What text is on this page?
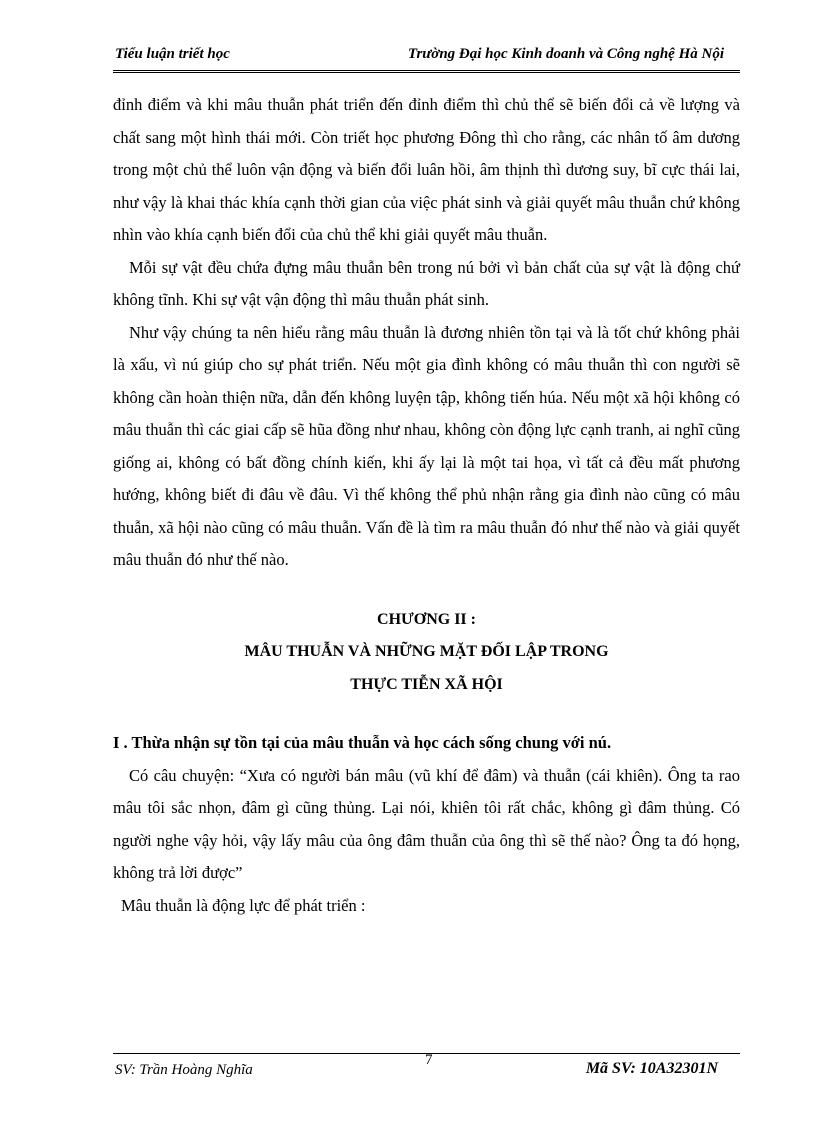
Tiểu luận triết học	Trường Đại học Kinh doanh và Công nghệ Hà Nội

đỉnh điểm và khi mâu thuẫn phát triển đến đỉnh điểm thì chủ thể sẽ biến đổi cả về lượng và chất sang một hình thái mới. Còn triết học phương Đông thì cho rằng, các nhân tố âm dương trong một chủ thể luôn vận động và biến đổi luân hồi, âm thịnh thì dương suy, bĩ cực thái lai, như vậy là khai thác khía cạnh thời gian của việc phát sinh và giải quyết mâu thuẫn chứ không nhìn vào khía cạnh biến đổi của chủ thể khi giải quyết mâu thuẫn.

Mỗi sự vật đều chứa đựng mâu thuẫn bên trong nú bởi vì bản chất của sự vật là động chứ không tĩnh. Khi sự vật vận động thì mâu thuẫn phát sinh.

Như vậy chúng ta nên hiểu rằng mâu thuẫn là đương nhiên tồn tại và là tốt chứ không phải là xấu, vì nú giúp cho sự phát triển. Nếu một gia đình không có mâu thuẫn thì con người sẽ không cần hoàn thiện nữa, dẫn đến không luyện tập, không tiến húa. Nếu một xã hội không có mâu thuẫn thì các giai cấp sẽ hũa đồng như nhau, không còn động lực cạnh tranh, ai nghĩ cũng giống ai, không có bất đồng chính kiến, khi ấy lại là một tai họa, vì tất cả đều mất phương hướng, không biết đi đâu về đâu. Vì thế không thể phủ nhận rằng gia đình nào cũng có mâu thuẫn, xã hội nào cũng có mâu thuẫn. Vấn đề là tìm ra mâu thuẫn đó như thế nào và giải quyết mâu thuẫn đó như thế nào.

CHƯƠNG II :
MÂU THUẪN VÀ NHỮNG MẶT ĐỐI LẬP TRONG
THỰC TIỄN XÃ HỘI
I . Thừa nhận sự tồn tại của mâu thuẫn và học cách sống chung với nú.

Có câu chuyện: “Xưa có người bán mâu (vũ khí để đâm) và thuẫn (cái khiên). Ông ta rao mâu tôi sắc nhọn, đâm gì cũng thủng. Lại nói, khiên tôi rất chắc, không gì đâm thủng. Có người nghe vậy hỏi, vậy lấy mâu của ông đâm thuẫn của ông thì sẽ thế nào? Ông ta đó họng, không trả lời được”

Mâu thuẫn là động lực để phát triển :

SV: Trần Hoàng Nghĩa
7	Mã SV: 10A32301N
